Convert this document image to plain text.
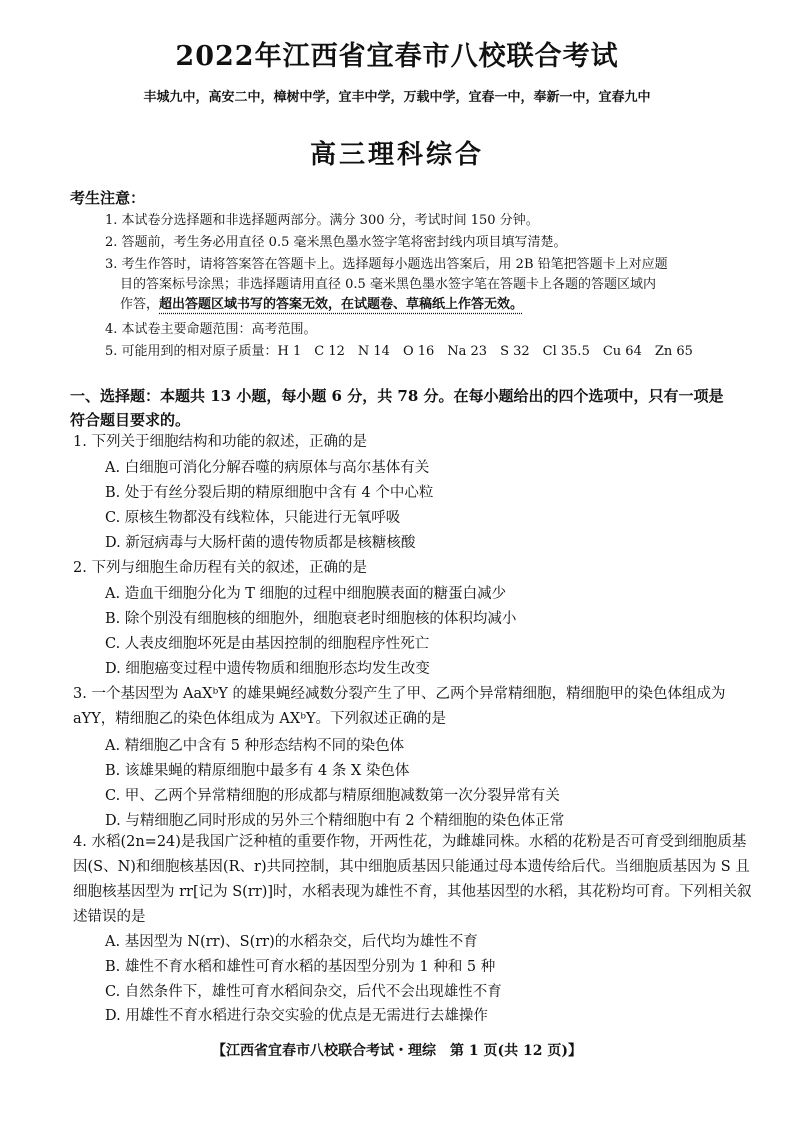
2022年江西省宜春市八校联合考试
丰城九中，高安二中，樟树中学，宜丰中学，万载中学，宜春一中，奉新一中，宜春九中
高三理科综合
考生注意：
1. 本试卷分选择题和非选择题两部分。满分 300 分，考试时间 150 分钟。
2. 答题前，考生务必用直径 0.5 毫米黑色墨水签字笔将密封线内项目填写清楚。
3. 考生作答时，请将答案答在答题卡上。选择题每小题选出答案后，用 2B 铅笔把答题卡上对应题
目的答案标号涂黑；非选择题请用直径 0.5 毫米黑色墨水签字笔在答题卡上各题的答题区域内
作答，超出答题区域书写的答案无效，在试题卷、草稿纸上作答无效。
4. 本试卷主要命题范围：高考范围。
5. 可能用到的相对原子质量：H 1　C 12　N 14　O 16　Na 23　S 32　Cl 35.5　Cu 64　Zn 65
一、选择题：本题共 13 小题，每小题 6 分，共 78 分。在每小题给出的四个选项中，只有一项是符合题目要求的。
1. 下列关于细胞结构和功能的叙述，正确的是
A. 白细胞可消化分解吞噬的病原体与高尔基体有关
B. 处于有丝分裂后期的精原细胞中含有 4 个中心粒
C. 原核生物都没有线粒体，只能进行无氧呼吸
D. 新冠病毒与大肠杆菌的遗传物质都是核糖核酸
2. 下列与细胞生命历程有关的叙述，正确的是
A. 造血干细胞分化为 T 细胞的过程中细胞膜表面的糖蛋白减少
B. 除个别没有细胞核的细胞外，细胞衰老时细胞核的体积均减小
C. 人表皮细胞坏死是由基因控制的细胞程序性死亡
D. 细胞癌变过程中遗传物质和细胞形态均发生改变
3. 一个基因型为 AaXᵇY 的雄果蝇经减数分裂产生了甲、乙两个异常精细胞，精细胞甲的染色体组成为 aYY，精细胞乙的染色体组成为 AXᵇY。下列叙述正确的是
A. 精细胞乙中含有 5 种形态结构不同的染色体
B. 该雄果蝇的精原细胞中最多有 4 条 X 染色体
C. 甲、乙两个异常精细胞的形成都与精原细胞减数第一次分裂异常有关
D. 与精细胞乙同时形成的另外三个精细胞中有 2 个精细胞的染色体正常
4. 水稻(2n=24)是我国广泛种植的重要作物，开两性花，为雌雄同株。水稻的花粉是否可育受到细胞质基因(S、N)和细胞核基因(R、r)共同控制，其中细胞质基因只能通过母本遗传给后代。当细胞质基因为 S 且细胞核基因型为 rr[记为 S(rr)]时，水稻表现为雄性不育，其他基因型的水稻，其花粉均可育。下列相关叙述错误的是
A. 基因型为 N(rr)、S(rr)的水稻杂交，后代均为雄性不育
B. 雄性不育水稻和雄性可育水稻的基因型分别为 1 种和 5 种
C. 自然条件下，雄性可育水稻间杂交，后代不会出现雄性不育
D. 用雄性不育水稻进行杂交实验的优点是无需进行去雄操作
【江西省宜春市八校联合考试・理综　第 1 页(共 12 页)】
